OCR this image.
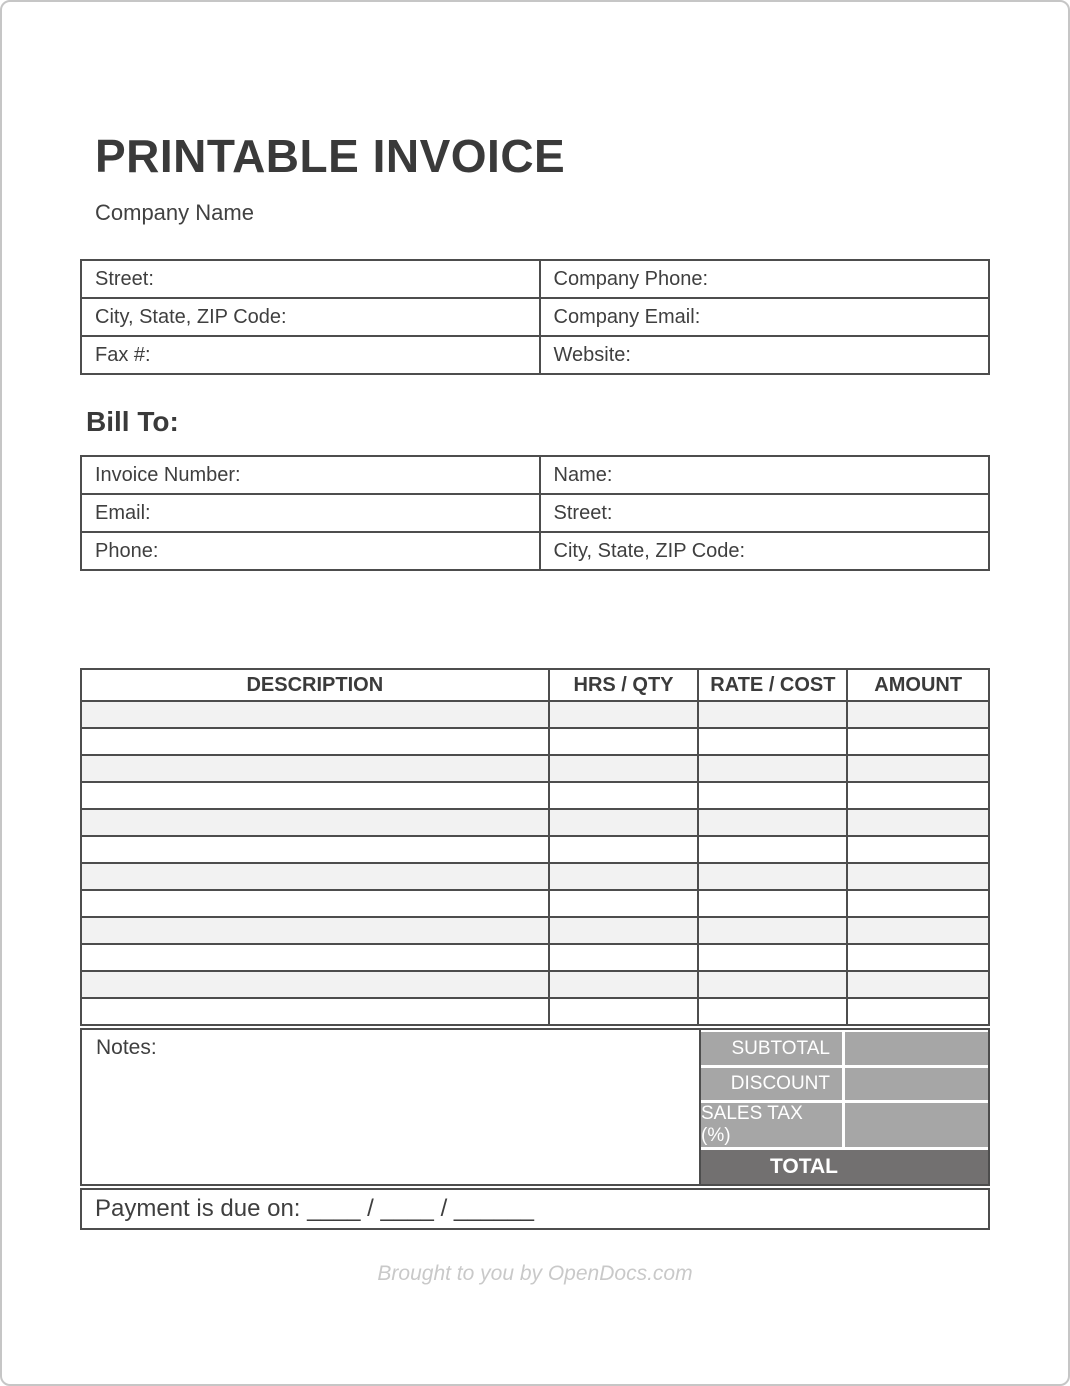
PRINTABLE INVOICE
Company Name
Street:	Company Phone:
City, State, ZIP Code:	Company Email:
Fax #:	Website:
Bill To:
Invoice Number:	Name:
Email:	Street:
Phone:	City, State, ZIP Code:
DESCRIPTION	HRS / QTY	RATE / COST	AMOUNT

Notes:	SUBTOTAL
DISCOUNT
SALES TAX (%)
TOTAL
Payment is due on: ____ / ____ / ______
Brought to you by OpenDocs.com
